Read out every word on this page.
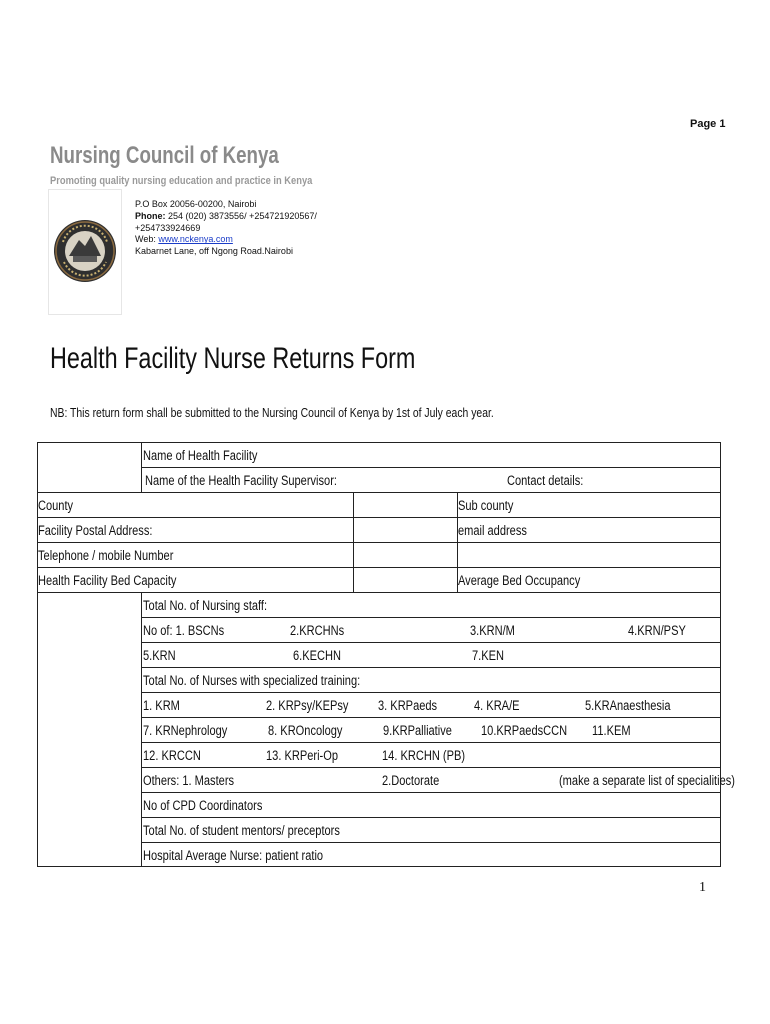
Page 1
Nursing Council of Kenya
Promoting quality nursing education and practice in Kenya
P.O Box 20056-00200, Nairobi
Phone: 254 (020) 3873556/ +254721920567/
+254733924669
Web: www.nckenya.com
Kabarnet Lane, off Ngong Road.Nairobi
Health Facility Nurse Returns Form
NB: This return form shall be submitted to the Nursing Council of Kenya by 1st of July each year.
Name of Health Facility
Name of the Health Facility Supervisor:	Contact details:
County	Sub county
Facility Postal Address:	email address
Telephone / mobile Number
Health Facility Bed Capacity	Average Bed Occupancy
Total No. of Nursing staff:
No of: 1. BSCNs	2.KRCHNs	3.KRN/M	4.KRN/PSY
5.KRN	6.KECHN	7.KEN
Total No. of Nurses with specialized training:
1. KRM	2. KRPsy/KEPsy 3. KRPaeds	4. KRA/E	5.KRAnaesthesia
7. KRNephrology	8. KROncology	9.KRPalliative 10.KRPaedsCCN 11.KEM
12. KRCCN	13. KRPeri-Op	14. KRCHN (PB)
Others: 1. Masters	2.Doctorate	(make a separate list of specialities)
No of CPD Coordinators
Total No. of student mentors/ preceptors
Hospital Average Nurse: patient ratio
1
